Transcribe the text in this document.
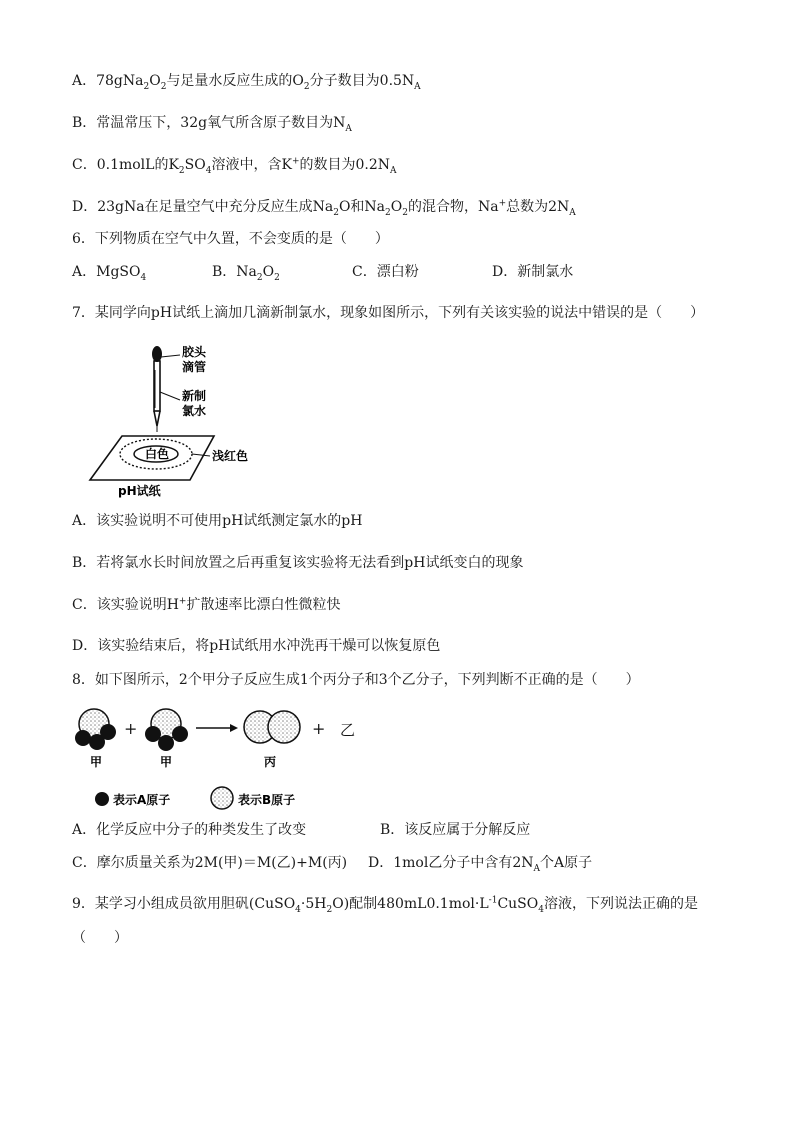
A．$78gNa_2O_2$与足量水反应生成的$O_2$分子数目为$0.5N_A$
B．常温常压下，32g氧气所含原子数目为$N_A$
C．0.1molL的$K_2SO_4$溶液中，含K+的数目为$0.2N_A$
D．23gNa在足量空气中充分反应生成$Na_2O$和$Na_2O_2$的混合物，Na+总数为$2N_A$
6．下列物质在空气中久置，不会变质的是（　　）
A．MgSO$_4$	B．$Na_2O_2$	C．漂白粉	D．新制氯水
7．某同学向pH试纸上滴加几滴新制氯水，现象如图所示，下列有关该实验的说法中错误的是（　　）
胶头
滴管
新制
氯水
白色	浅红色
pH试纸
A．该实验说明不可使用pH试纸测定氯水的pH
B．若将氯水长时间放置之后再重复该实验将无法看到pH试纸变白的现象
C．该实验说明H+扩散速率比漂白性微粒快
D．该实验结束后，将pH试纸用水冲洗再干燥可以恢复原色
8．如下图所示，2个甲分子反应生成1个丙分子和3个乙分子，下列判断不正确的是（　　）
+	+ 乙
甲	甲	丙
表示A原子	表示B原子
A．化学反应中分子的种类发生了改变	B．该反应属于分解反应
C．摩尔质量关系为2M(甲)＝M(乙)+M(丙) D．1mol乙分子中含有$2N_A$个A原子
9．某学习小组成员欲用胆矾$(CuSO_4\cdot 5H_2O)$配制$480mL0.1mol\cdot L^{-1}CuSO_4$溶液，下列说法正确的是
（　　）
